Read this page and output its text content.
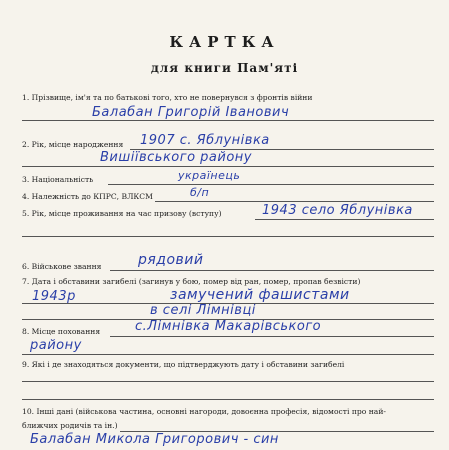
КАРТКА
для книги Пам'яті
1. Прізвище, ім'я та по батькові того, хто не повернувся з фронтів війни
Балабан Григорій Іванович
2. Рік, місце народження 1907 с. Яблунівка
Вишіївського району
3. Національність	українець
4. Належність до КПРС, ВЛКСМ	б/п
5. Рік, місце проживання на час призову (вступу)	1943 село Яблунівка
6. Військове звання	рядовий
7. Дата і обставини загибелі (загинув у бою, помер від ран, помер, пропав безвісти)
1943р	замучений фашистами
в селі Лімнівці
8. Місце поховання	с.Лімнівка Макарівського
району
9. Які і де знаходяться документи, що підтверджують дату і обставини загибелі
10. Інші дані (військова частина, основні нагороди, довоєнна професія, відомості про най-
ближчих родичів та ін.)
Балабан Микола Григорович - син
